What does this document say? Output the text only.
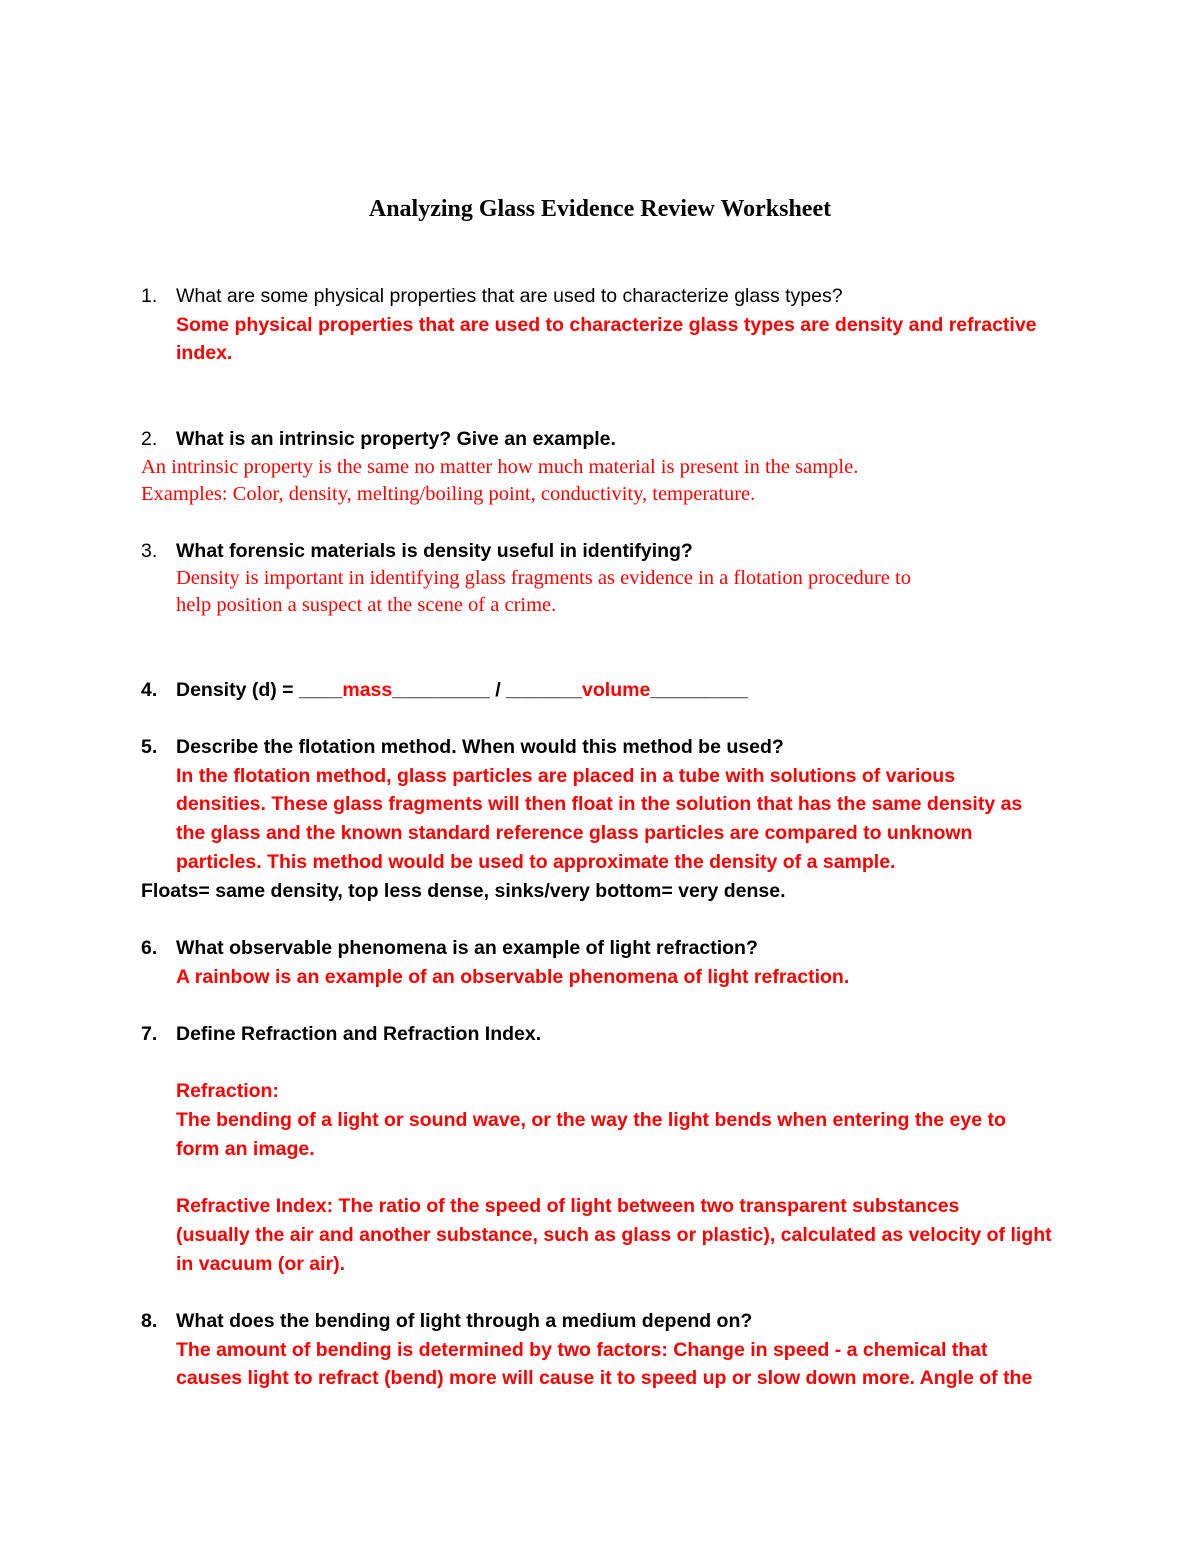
Analyzing Glass Evidence Review Worksheet
1. What are some physical properties that are used to characterize glass types?
Some physical properties that are used to characterize glass types are density and refractive
index.
2. What is an intrinsic property? Give an example.
An intrinsic property is the same no matter how much material is present in the sample.
Examples: Color, density, melting/boiling point, conductivity, temperature.
3. What forensic materials is density useful in identifying?
Density is important in identifying glass fragments as evidence in a flotation procedure to
help position a suspect at the scene of a crime.
4. Density (d) = ____mass_________ / _______volume_________
5. Describe the flotation method. When would this method be used?
In the flotation method, glass particles are placed in a tube with solutions of various
densities. These glass fragments will then float in the solution that has the same density as
the glass and the known standard reference glass particles are compared to unknown
particles. This method would be used to approximate the density of a sample.
Floats= same density, top less dense, sinks/very bottom= very dense.
6. What observable phenomena is an example of light refraction?
A rainbow is an example of an observable phenomena of light refraction.
7. Define Refraction and Refraction Index.
Refraction:
The bending of a light or sound wave, or the way the light bends when entering the eye to
form an image.
Refractive Index: The ratio of the speed of light between two transparent substances
(usually the air and another substance, such as glass or plastic), calculated as velocity of light
in vacuum (or air).
8. What does the bending of light through a medium depend on?
The amount of bending is determined by two factors: Change in speed - a chemical that
causes light to refract (bend) more will cause it to speed up or slow down more. Angle of the
